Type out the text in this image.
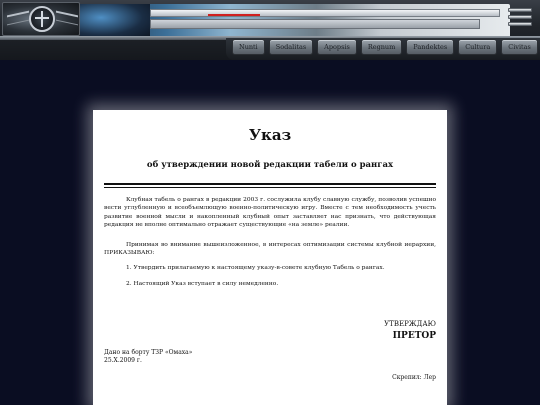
Nunti	Sodalitas	Apopsis	Regnum	Pandektes	Cultura	Civitas
Указ
об утверждении новой редакции табели о рангах
Клубная табель о рангах в редакции 2003 г. сослужила клубу славную службу, позволив успешно вести углубленную и всеобъемлющую военно-политическую игру. Вместе с тем необходимость учесть развитие военной мысли и накопленный клубный опыт заставляет нас признать, что действующая редакция не вполне оптимально отражает существующие «на земле» реалии.
Принимая во внимание вышеизложенное, в интересах оптимизации системы клубной иерархии, ПРИКАЗЫВАЮ:
1. Утвердить прилагаемую к настоящему указу-в-совете клубную Табель о рангах.
2. Настоящий Указ вступает в силу немедленно.
УТВЕРЖДАЮ
ПРЕТОР
Дано на борту ТЗР «Омаха»
25.X.2009 г.
Скрепил: Лер
